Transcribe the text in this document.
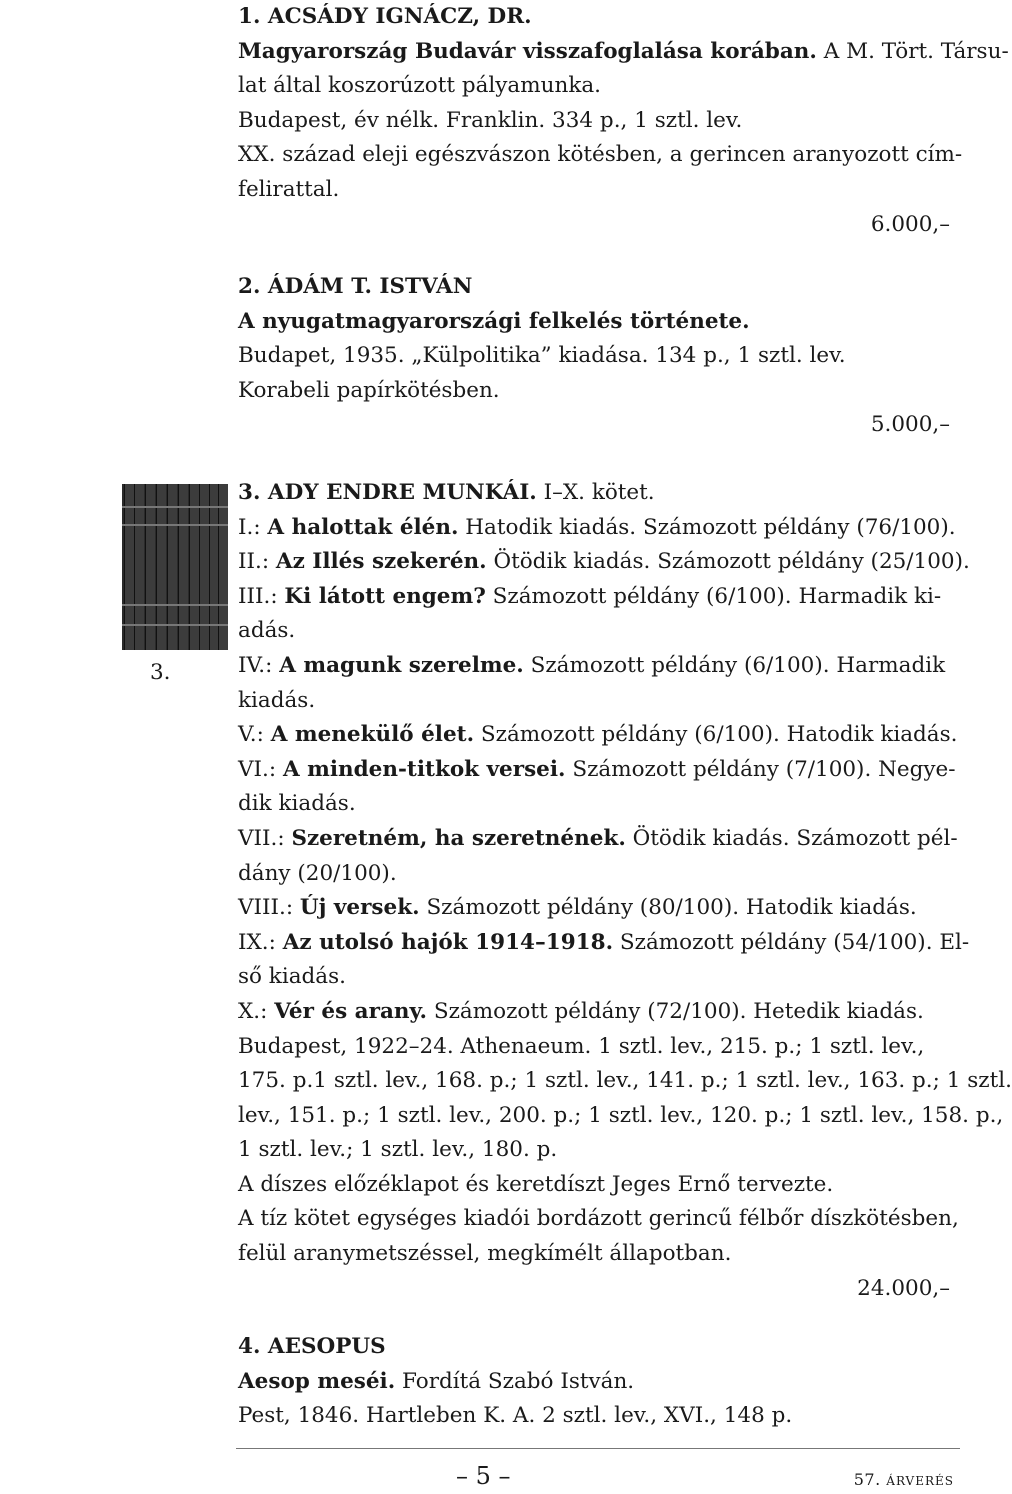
1. ACSÁDY IGNÁCZ, DR.
Magyarország Budavár visszafoglalása korában. A M. Tört. Társu-
lat által koszorúzott pályamunka.
Budapest, év nélk. Franklin. 334 p., 1 sztl. lev.
XX. század eleji egészvászon kötésben, a gerincen aranyozott cím-
felirattal.
6.000,–
2. ÁDÁM T. ISTVÁN
A nyugatmagyarországi felkelés története.
Budapet, 1935. „Külpolitika” kiadása. 134 p., 1 sztl. lev.
Korabeli papírkötésben.
5.000,–
3. ADY ENDRE MUNKÁI. I–X. kötet.
I.: A halottak élén. Hatodik kiadás. Számozott példány (76/100).
II.: Az Illés szekerén. Ötödik kiadás. Számozott példány (25/100).
III.: Ki látott engem? Számozott példány (6/100). Harmadik ki-
adás.
IV.: A magunk szerelme. Számozott példány (6/100). Harmadik
kiadás.
V.: A menekülő élet. Számozott példány (6/100). Hatodik kiadás.
VI.: A minden-titkok versei. Számozott példány (7/100). Negye-
dik kiadás.
VII.: Szeretném, ha szeretnének. Ötödik kiadás. Számozott pél-
dány (20/100).
VIII.: Új versek. Számozott példány (80/100). Hatodik kiadás.
IX.: Az utolsó hajók 1914–1918. Számozott példány (54/100). El-
ső kiadás.
X.: Vér és arany. Számozott példány (72/100). Hetedik kiadás.
Budapest, 1922–24. Athenaeum. 1 sztl. lev., 215. p.; 1 sztl. lev.,
175. p.1 sztl. lev., 168. p.; 1 sztl. lev., 141. p.; 1 sztl. lev., 163. p.; 1 sztl.
lev., 151. p.; 1 sztl. lev., 200. p.; 1 sztl. lev., 120. p.; 1 sztl. lev., 158. p.,
1 sztl. lev.; 1 sztl. lev., 180. p.
A díszes előzéklapot és keretdíszt Jeges Ernő tervezte.
A tíz kötet egységes kiadói bordázott gerincű félbőr díszkötésben,
felül aranymetszéssel, megkímélt állapotban.
24.000,–
4. AESOPUS
Aesop meséi. Fordítá Szabó István.
Pest, 1846. Hartleben K. A. 2 sztl. lev., XVI., 148 p.
3.
– 5 –	57. ÁRVERÉS
